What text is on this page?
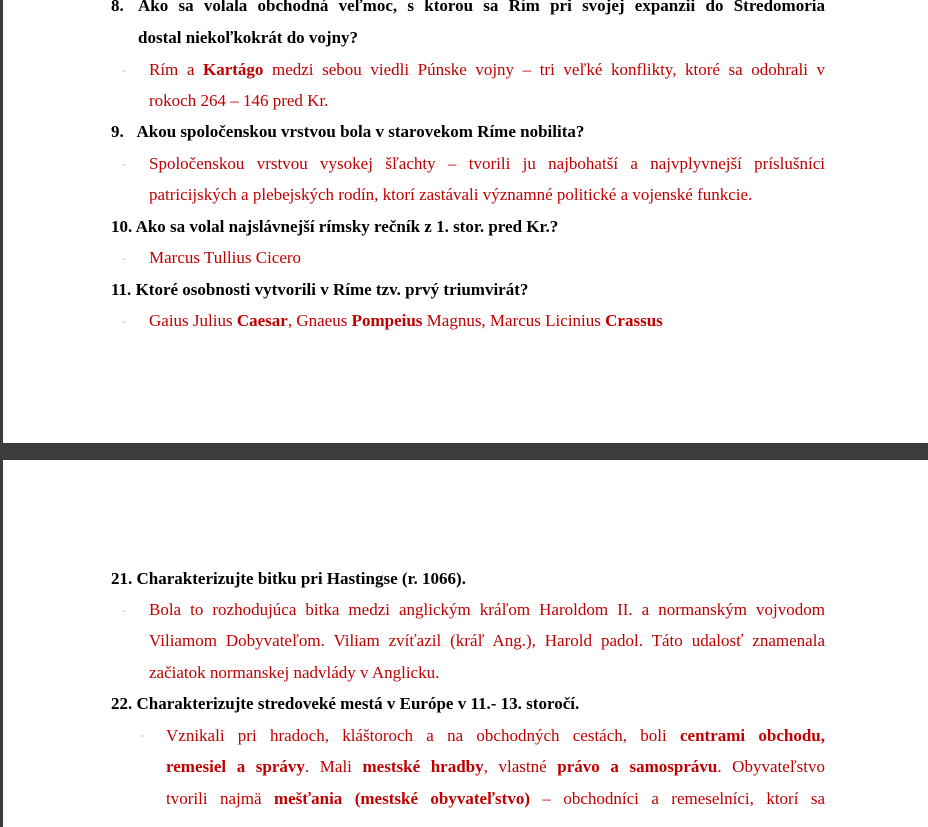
8. Ako sa volala obchodná veľmoc, s ktorou sa Rím pri svojej expanzii do Stredomoria
dostal niekoľkokrát do vojny?
- Rím a Kartágo medzi sebou viedli Púnske vojny – tri veľké konflikty, ktoré sa odohrali v
rokoch 264 – 146 pred Kr.
9. Akou spoločenskou vrstvou bola v starovekom Ríme nobilita?
- Spoločenskou vrstvou vysokej šľachty – tvorili ju najbohatší a najvplyvnejší príslušníci
patricijských a plebejských rodín, ktorí zastávali významné politické a vojenské funkcie.
10. Ako sa volal najslávnejší rímsky rečník z 1. stor. pred Kr.?
- Marcus Tullius Cicero
11. Ktoré osobnosti vytvorili v Ríme tzv. prvý triumvirát?
- Gaius Julius Caesar, Gnaeus Pompeius Magnus, Marcus Licinius Crassus
21. Charakterizujte bitku pri Hastingse (r. 1066).
- Bola to rozhodujúca bitka medzi anglickým kráľom Haroldom II. a normanským vojvodom
Viliamom Dobyvateľom. Viliam zvíťazil (kráľ Ang.), Harold padol. Táto udalosť znamenala
začiatok normanskej nadvlády v Anglicku.
22. Charakterizujte stredoveké mestá v Európe v 11.- 13. storočí.
- Vznikali pri hradoch, kláštoroch a na obchodných cestách, boli centrami obchodu,
remesiel a správy. Mali mestské hradby, vlastné právo a samosprávu. Obyvateľstvo
tvorili najmä mešťania (mestské obyvateľstvo) – obchodníci a remeselníci, ktorí sa
